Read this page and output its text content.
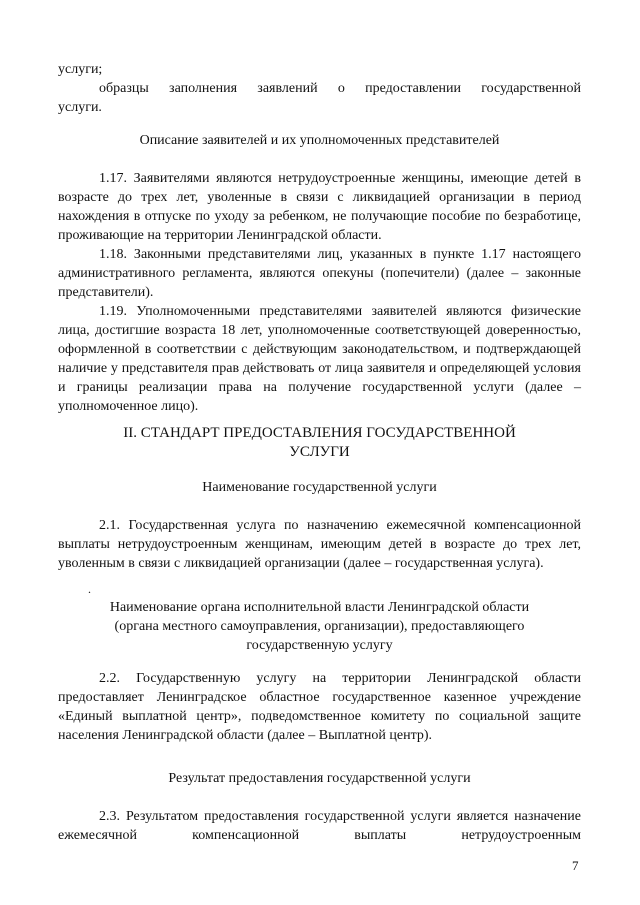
услуги;

образцы заполнения заявлений о предоставлении государственной

услуги.

Описание заявителей и их уполномоченных представителей

1.17. Заявителями являются нетрудоустроенные женщины, имеющие детей в возрасте до трех лет, уволенные в связи с ликвидацией организации в период нахождения в отпуске по уходу за ребенком, не получающие пособие по безработице, проживающие на территории Ленинградской области.

1.18. Законными представителями лиц, указанных в пункте 1.17 настоящего административного регламента, являются опекуны (попечители) (далее – законные представители).

1.19. Уполномоченными представителями заявителей являются физические лица, достигшие возраста 18 лет, уполномоченные соответствующей доверенностью, оформленной в соответствии с действующим законодательством, и подтверждающей наличие у представителя прав действовать от лица заявителя и определяющей условия и границы реализации права на получение государственной услуги (далее – уполномоченное лицо).

II. СТАНДАРТ ПРЕДОСТАВЛЕНИЯ ГОСУДАРСТВЕННОЙ
УСЛУГИ
Наименование государственной услуги

2.1. Государственная услуга по назначению ежемесячной компенсационной выплаты нетрудоустроенным женщинам, имеющим детей в возрасте до трех лет, уволенным в связи с ликвидацией организации (далее – государственная услуга).

.
Наименование органа исполнительной власти Ленинградской области
(органа местного самоуправления, организации), предоставляющего
государственную услугу

2.2. Государственную услугу на территории Ленинградской области предоставляет Ленинградское областное государственное казенное учреждение «Единый выплатной центр», подведомственное комитету по социальной защите населения Ленинградской области (далее – Выплатной центр).

Результат предоставления государственной услуги

2.3. Результатом предоставления государственной услуги является назначение ежемесячной компенсационной выплаты нетрудоустроенным

7
